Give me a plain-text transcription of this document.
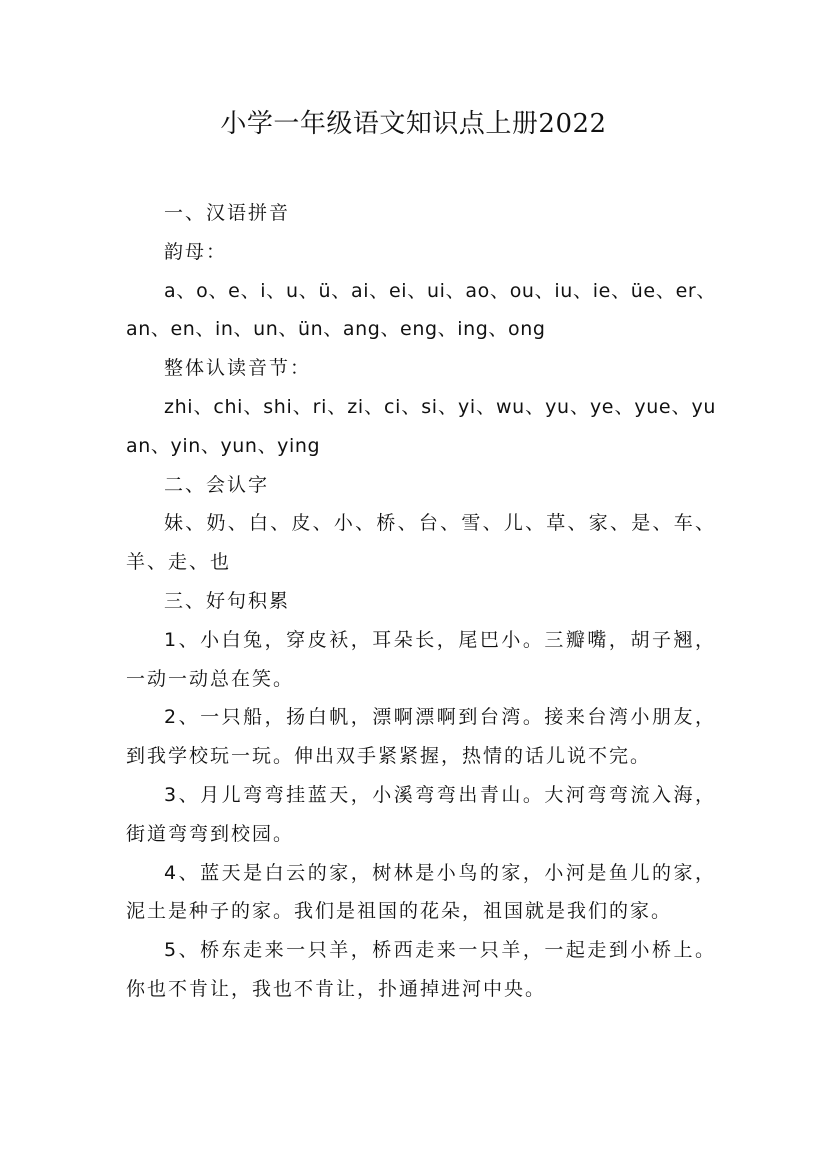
小学一年级语文知识点上册2022

一、汉语拼音

韵母：

a、o、e、i、u、ü、ai、ei、ui、ao、ou、iu、ie、üe、er、an、en、in、un、ün、ang、eng、ing、ong

整体认读音节：

zhi、chi、shi、ri、zi、ci、si、yi、wu、yu、ye、yue、yuan、yin、yun、ying

二、会认字

妹、奶、白、皮、小、桥、台、雪、儿、草、家、是、车、羊、走、也

三、好句积累

1、小白兔，穿皮袄，耳朵长，尾巴小。三瓣嘴，胡子翘，一动一动总在笑。

2、一只船，扬白帆，漂啊漂啊到台湾。接来台湾小朋友，到我学校玩一玩。伸出双手紧紧握，热情的话儿说不完。

3、月儿弯弯挂蓝天，小溪弯弯出青山。大河弯弯流入海，街道弯弯到校园。

4、蓝天是白云的家，树林是小鸟的家，小河是鱼儿的家，泥土是种子的家。我们是祖国的花朵，祖国就是我们的家。

5、桥东走来一只羊，桥西走来一只羊，一起走到小桥上。你也不肯让，我也不肯让，扑通掉进河中央。
